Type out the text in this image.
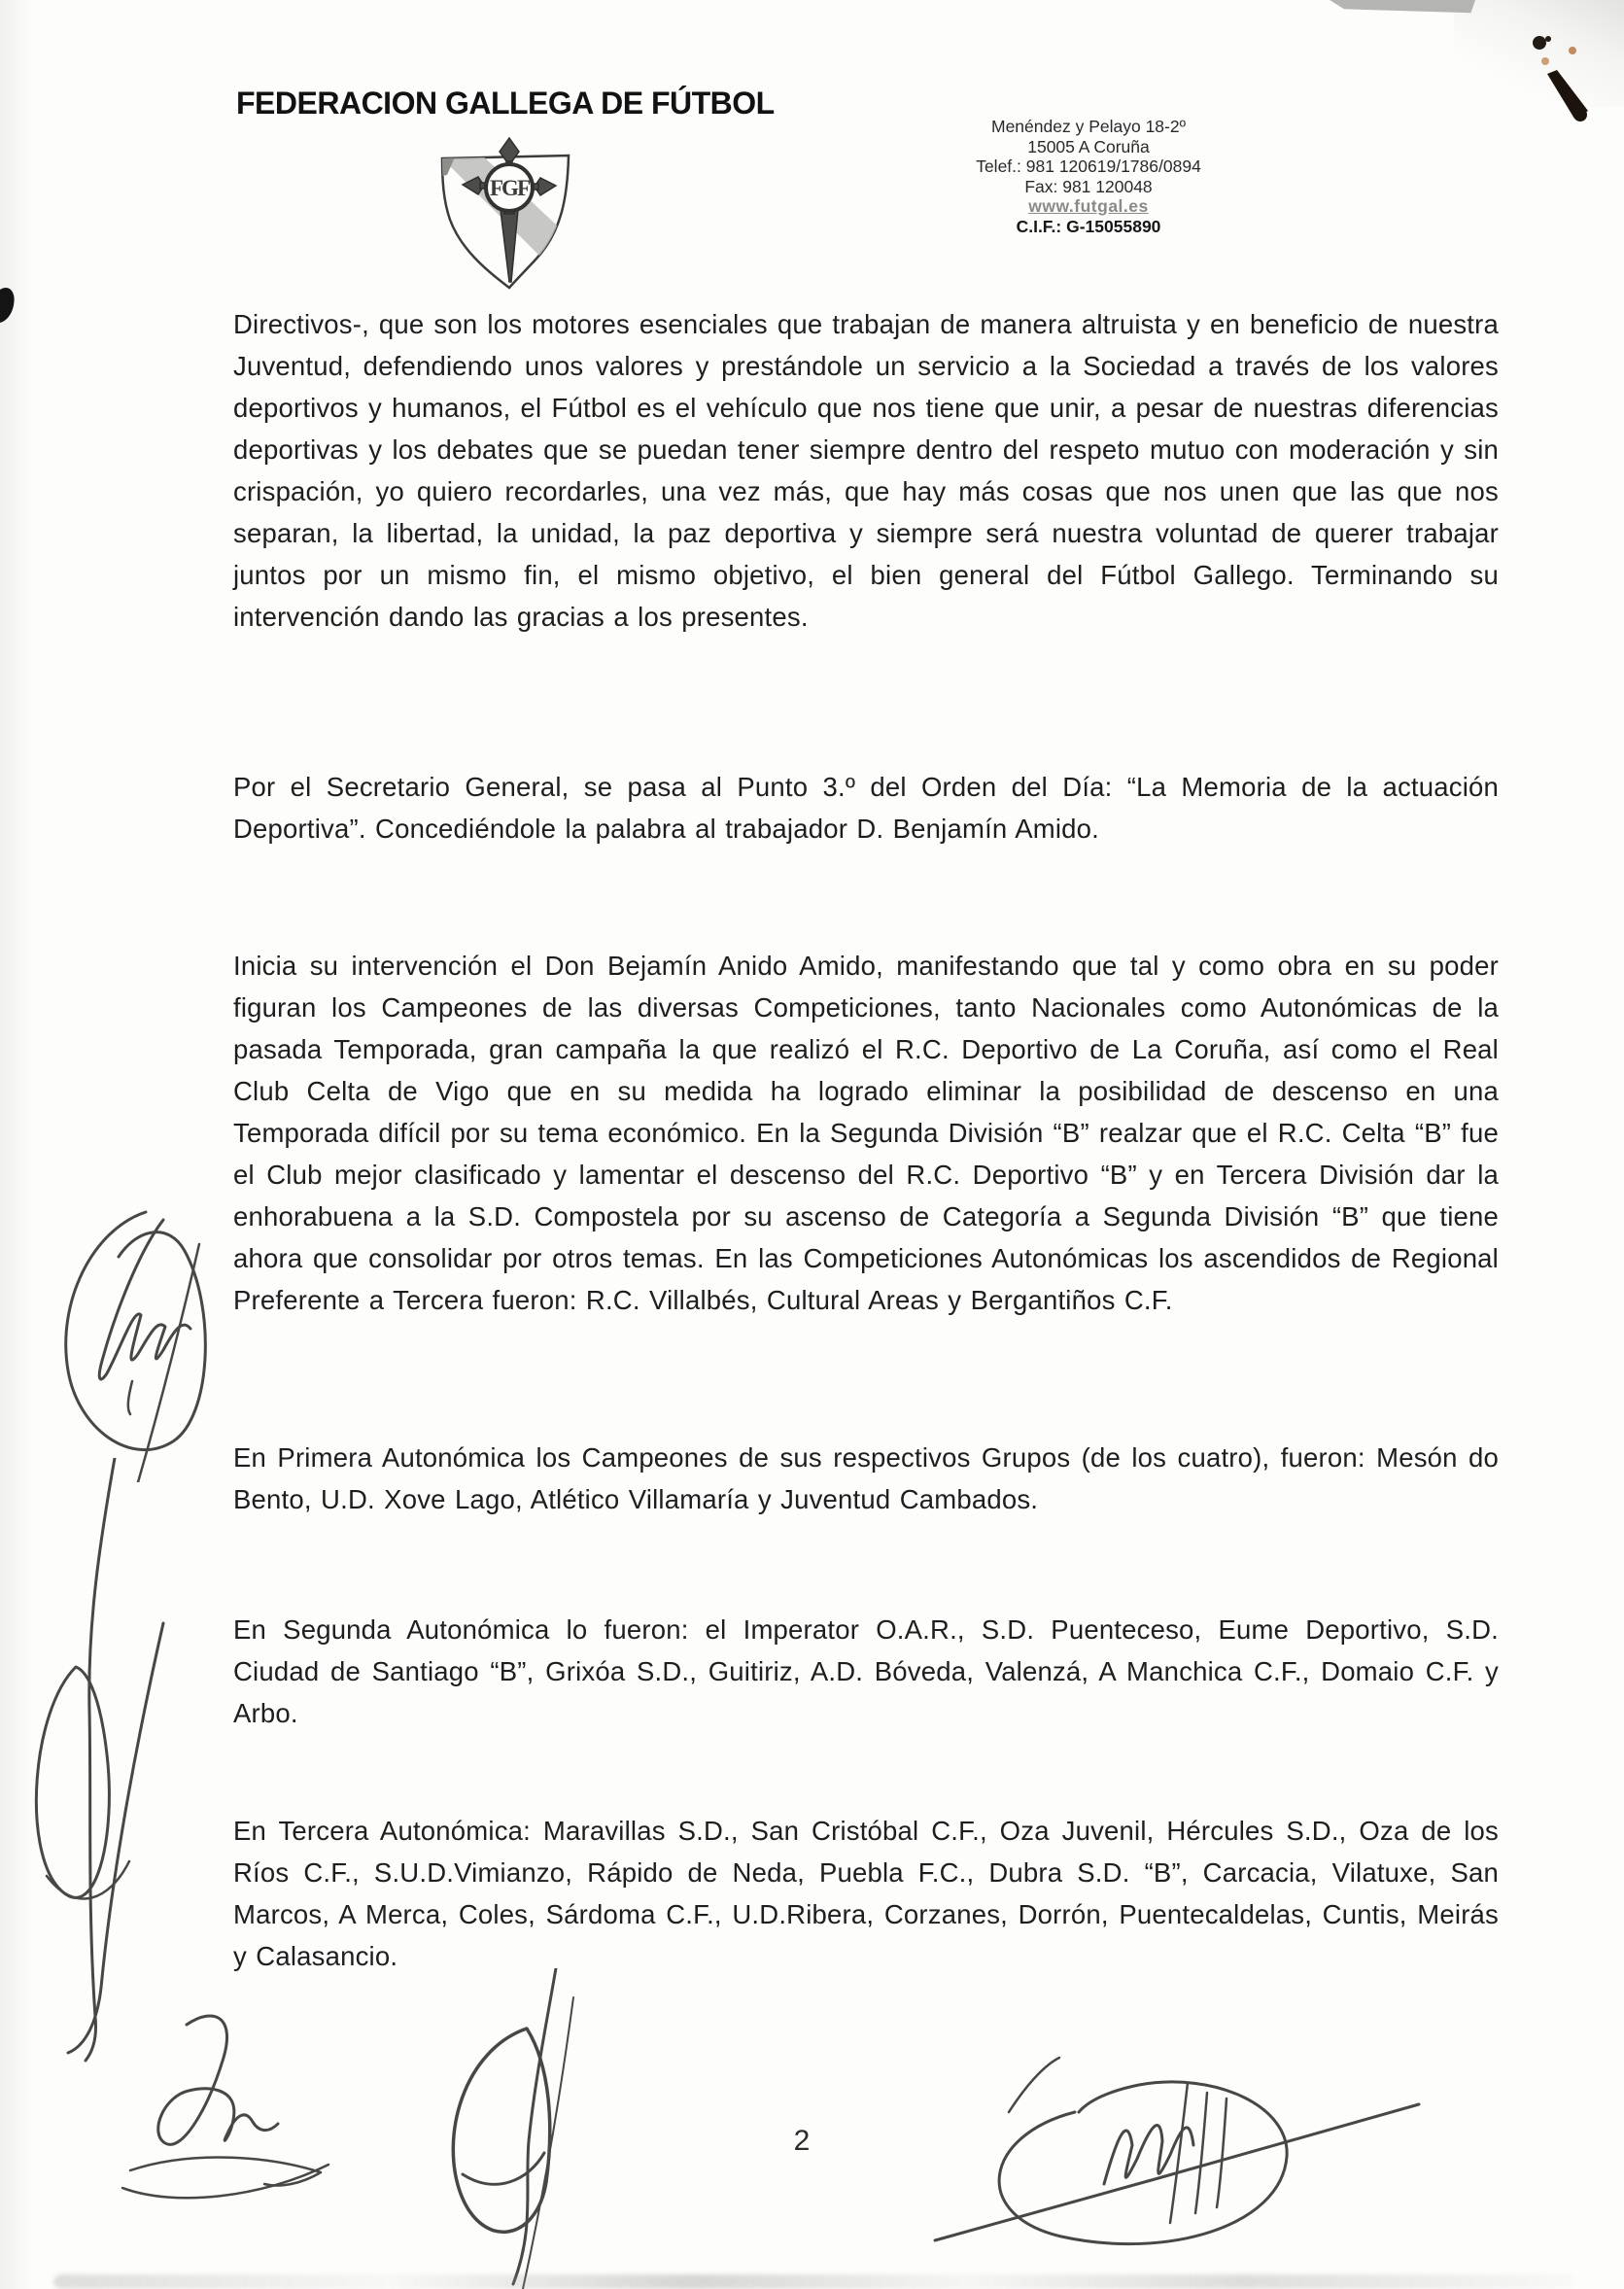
FEDERACION GALLEGA DE FÚTBOL
FGF
Menéndez y Pelayo 18-2º
15005 A Coruña
Telef.: 981 120619/1786/0894
Fax: 981 120048
www.futgal.es
C.I.F.: G-15055890
Directivos-, que son los motores esenciales que trabajan de manera altruista y en beneficio de nuestra Juventud, defendiendo unos valores y prestándole un servicio a la Sociedad a través de los valores deportivos y humanos, el Fútbol es el vehículo que nos tiene que unir, a pesar de nuestras diferencias deportivas y los debates que se puedan tener siempre dentro del respeto mutuo con moderación y sin crispación, yo quiero recordarles, una vez más, que hay más cosas que nos unen que las que nos separan, la libertad, la unidad, la paz deportiva y siempre será nuestra voluntad de querer trabajar juntos por un mismo fin, el mismo objetivo, el bien general del Fútbol Gallego. Terminando su intervención dando las gracias a los presentes.
Por el Secretario General, se pasa al Punto 3.º del Orden del Día: “La Memoria de la actuación Deportiva”. Concediéndole la palabra al trabajador D. Benjamín Amido.
Inicia su intervención el Don Bejamín Anido Amido, manifestando que tal y como obra en su poder figuran los Campeones de las diversas Competiciones, tanto Nacionales como Autonómicas de la pasada Temporada, gran campaña la que realizó el R.C. Deportivo de La Coruña, así como el Real Club Celta de Vigo que en su medida ha logrado eliminar la posibilidad de descenso en una Temporada difícil por su tema económico. En la Segunda División “B” realzar que el R.C. Celta “B” fue el Club mejor clasificado y lamentar el descenso del R.C. Deportivo “B” y en Tercera División dar la enhorabuena a la S.D. Compostela por su ascenso de Categoría a Segunda División “B” que tiene ahora que consolidar por otros temas. En las Competiciones Autonómicas los ascendidos de Regional Preferente a Tercera fueron: R.C. Villalbés, Cultural Areas y Bergantiños C.F.
En Primera Autonómica los Campeones de sus respectivos Grupos (de los cuatro), fueron: Mesón do Bento, U.D. Xove Lago, Atlético Villamaría y Juventud Cambados.
En Segunda Autonómica lo fueron: el Imperator O.A.R., S.D. Puenteceso, Eume Deportivo, S.D. Ciudad de Santiago “B”, Grixóa S.D., Guitiriz, A.D. Bóveda, Valenzá, A Manchica C.F., Domaio C.F. y Arbo.
En Tercera Autonómica: Maravillas S.D., San Cristóbal C.F., Oza Juvenil, Hércules S.D., Oza de los Ríos C.F., S.U.D.Vimianzo, Rápido de Neda, Puebla F.C., Dubra S.D. “B”, Carcacia, Vilatuxe, San Marcos, A Merca, Coles, Sárdoma C.F., U.D.Ribera, Corzanes, Dorrón, Puentecaldelas, Cuntis, Meirás y Calasancio.
2
